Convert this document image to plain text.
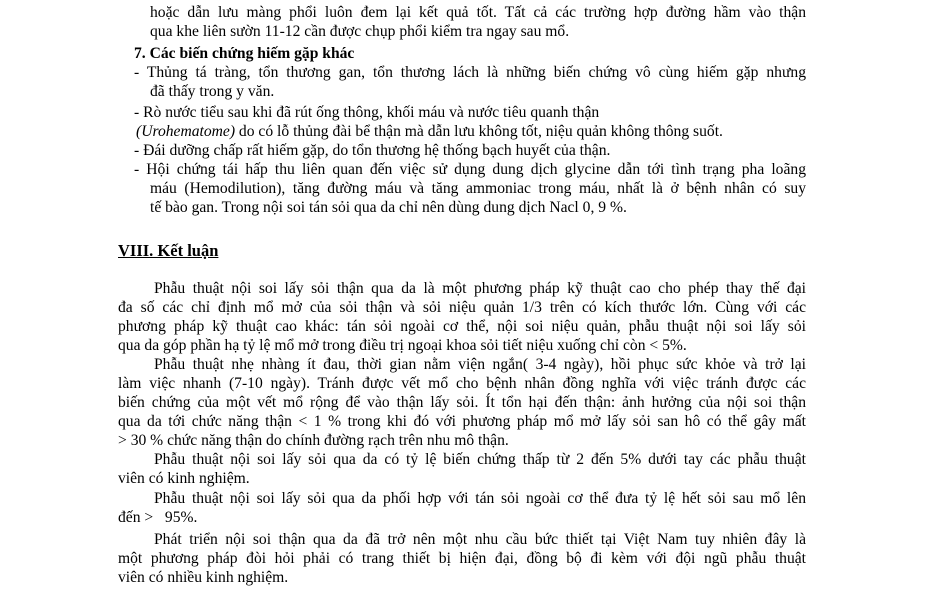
hoặc dẫn lưu màng phổi luôn đem lại kết quả tốt. Tất cả các trường hợp đường hầm vào thận
qua khe liên sườn 11-12 cần được chụp phổi kiểm tra ngay sau mổ.
7. Các biến chứng hiếm gặp khác
- Thủng tá tràng, tổn thương gan, tổn thương lách là những biến chứng vô cùng hiếm gặp nhưng
đã thấy trong y văn.
- Rò nước tiểu sau khi đã rút ống thông, khối máu và nước tiêu quanh thận
(Urohematome) do có lỗ thủng đài bể thận mà dẫn lưu không tốt, niệu quản không thông suốt.
- Đái dưỡng chấp rất hiếm gặp, do tổn thương hệ thống bạch huyết của thận.
- Hội chứng tái hấp thu liên quan đến việc sử dụng dung dịch glycine dẫn tới tình trạng pha loãng
máu (Hemodilution), tăng đường máu và tăng ammoniac trong máu, nhất là ở bệnh nhân có suy
tế bào gan. Trong nội soi tán sỏi qua da chỉ nên dùng dung dịch Nacl 0, 9 %.
VIII. Kết luận
Phẫu thuật nội soi lấy sỏi thận qua da là một phương pháp kỹ thuật cao cho phép thay thế đại
đa số các chỉ định mổ mở của sỏi thận và sỏi niệu quản 1/3 trên có kích thước lớn. Cùng với các
phương pháp kỹ thuật cao khác: tán sỏi ngoài cơ thể, nội soi niệu quản, phẫu thuật nội soi lấy sỏi
qua da góp phần hạ tỷ lệ mổ mở trong điều trị ngoại khoa sỏi tiết niệu xuống chỉ còn < 5%.
Phẫu thuật nhẹ nhàng ít đau, thời gian nằm viện ngắn( 3-4 ngày), hồi phục sức khỏe và trở lại
làm việc nhanh (7-10 ngày). Tránh được vết mổ cho bệnh nhân đồng nghĩa với việc tránh được các
biến chứng của một vết mổ rộng để vào thận lấy sỏi. Ít tổn hại đến thận: ảnh hưởng của nội soi thận
qua da tới chức năng thận < 1 % trong khi đó với phương pháp mổ mở lấy sỏi san hô có thể gây mất
> 30 % chức năng thận do chính đường rạch trên nhu mô thận.
Phẫu thuật nội soi lấy sỏi qua da có tỷ lệ biến chứng thấp từ 2 đến 5% dưới tay các phẫu thuật
viên có kinh nghiệm.
Phẫu thuật nội soi lấy sỏi qua da phối hợp với tán sỏi ngoài cơ thể đưa tỷ lệ hết sỏi sau mổ lên
đến >   95%.
Phát triển nội soi thận qua da đã trở nên một nhu cầu bức thiết tại Việt Nam tuy nhiên đây là
một phương pháp đòi hỏi phải có trang thiết bị hiện đại, đồng bộ đi kèm với đội ngũ phẫu thuật
viên có nhiều kinh nghiệm.
